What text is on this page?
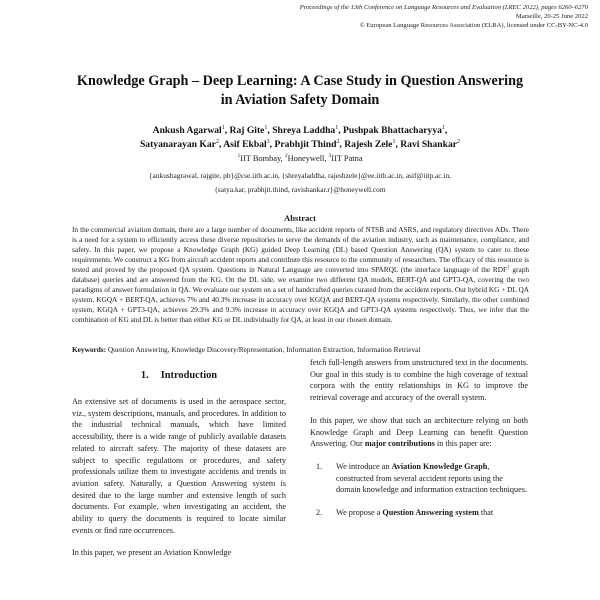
Proceedings of the 13th Conference on Language Resources and Evaluation (LREC 2022), pages 6260–6270
Marseille, 20-25 June 2022
© European Language Resources Association (ELRA), licensed under CC-BY-NC-4.0
Knowledge Graph – Deep Learning: A Case Study in Question Answering
in Aviation Safety Domain
Ankush Agarwal$^1$, Raj Gite$^1$, Shreya Laddha$^1$, Pushpak Bhattacharyya$^1$,
Satyanarayan Kar$^2$, Asif Ekbal$^3$, Prabhjit Thind$^2$, Rajesh Zele$^1$, Ravi Shankar$^2$
$^1$IIT Bombay, $^2$Honeywell, $^3$IIT Patna
{ankushagrawal, rajgite, pb}@cse.iitb.ac.in, {shreyaladdha, rajeshzele}@ee.iitb.ac.in, asif@iitp.ac.in,
{satya.kar, prabhjit.thind, ravishankar.r}@honeywell.com
Abstract
In the commercial aviation domain, there are a large number of documents, like accident reports of NTSB and ASRS, and regulatory directives ADs. There is a need for a system to efficiently access these diverse repositories to serve the demands of the aviation industry, such as maintenance, compliance, and safety. In this paper, we propose a Knowledge Graph (KG) guided Deep Learning (DL) based Question Answering (QA) system to cater to these requirements. We construct a KG from aircraft accident reports and contribute this resource to the community of researchers. The efficacy of this resource is tested and proved by the proposed QA system. Questions in Natural Language are converted into SPARQL (the interface language of the RDF$^1$ graph database) queries and are answered from the KG. On the DL side, we examine two different QA models, BERT-QA and GPT3-QA, covering the two paradigms of answer formulation in QA. We evaluate our system on a set of handcrafted queries curated from the accident reports. Our hybrid KG + DL QA system, KGQA + BERT-QA, achieves 7% and 40.3% increase in accuracy over KGQA and BERT-QA systems respectively. Similarly, the other combined system, KGQA + GPT3-QA, achieves 29.3% and 9.3% increase in accuracy over KGQA and GPT3-QA systems respectively. Thus, we infer that the combination of KG and DL is better than either KG or DL individually for QA, at least in our chosen domain.
Keywords: Question Answering, Knowledge Discovery/Representation, Information Extraction, Information Retrieval
1. Introduction

An extensive set of documents is used in the aerospace sector, viz., system descriptions, manuals, and procedures. In addition to the industrial technical manuals, which have limited accessibility, there is a wide range of publicly available datasets related to aircraft safety. The majority of these datasets are subject to specific regulations or procedures, and safety professionals utilize them to investigate accidents and trends in aviation safety. Naturally, a Question Answering system is desired due to the large number and extensive length of such documents. For example, when investigating an accident, the ability to query the documents is required to locate similar events or find rare occurrences.

In this paper, we present an Aviation Knowledge

fetch full-length answers from unstructured text in the documents. Our goal in this study is to combine the high coverage of textual corpora with the entity relationships in KG to improve the retrieval coverage and accuracy of the overall system.

In this paper, we show that such an architecture relying on both Knowledge Graph and Deep Learning can benefit Question Answering. Our major contributions in this paper are:

1. We introduce an Aviation Knowledge Graph, constructed from several accident reports using the domain knowledge and information extraction techniques.
2. We propose a Question Answering system that
